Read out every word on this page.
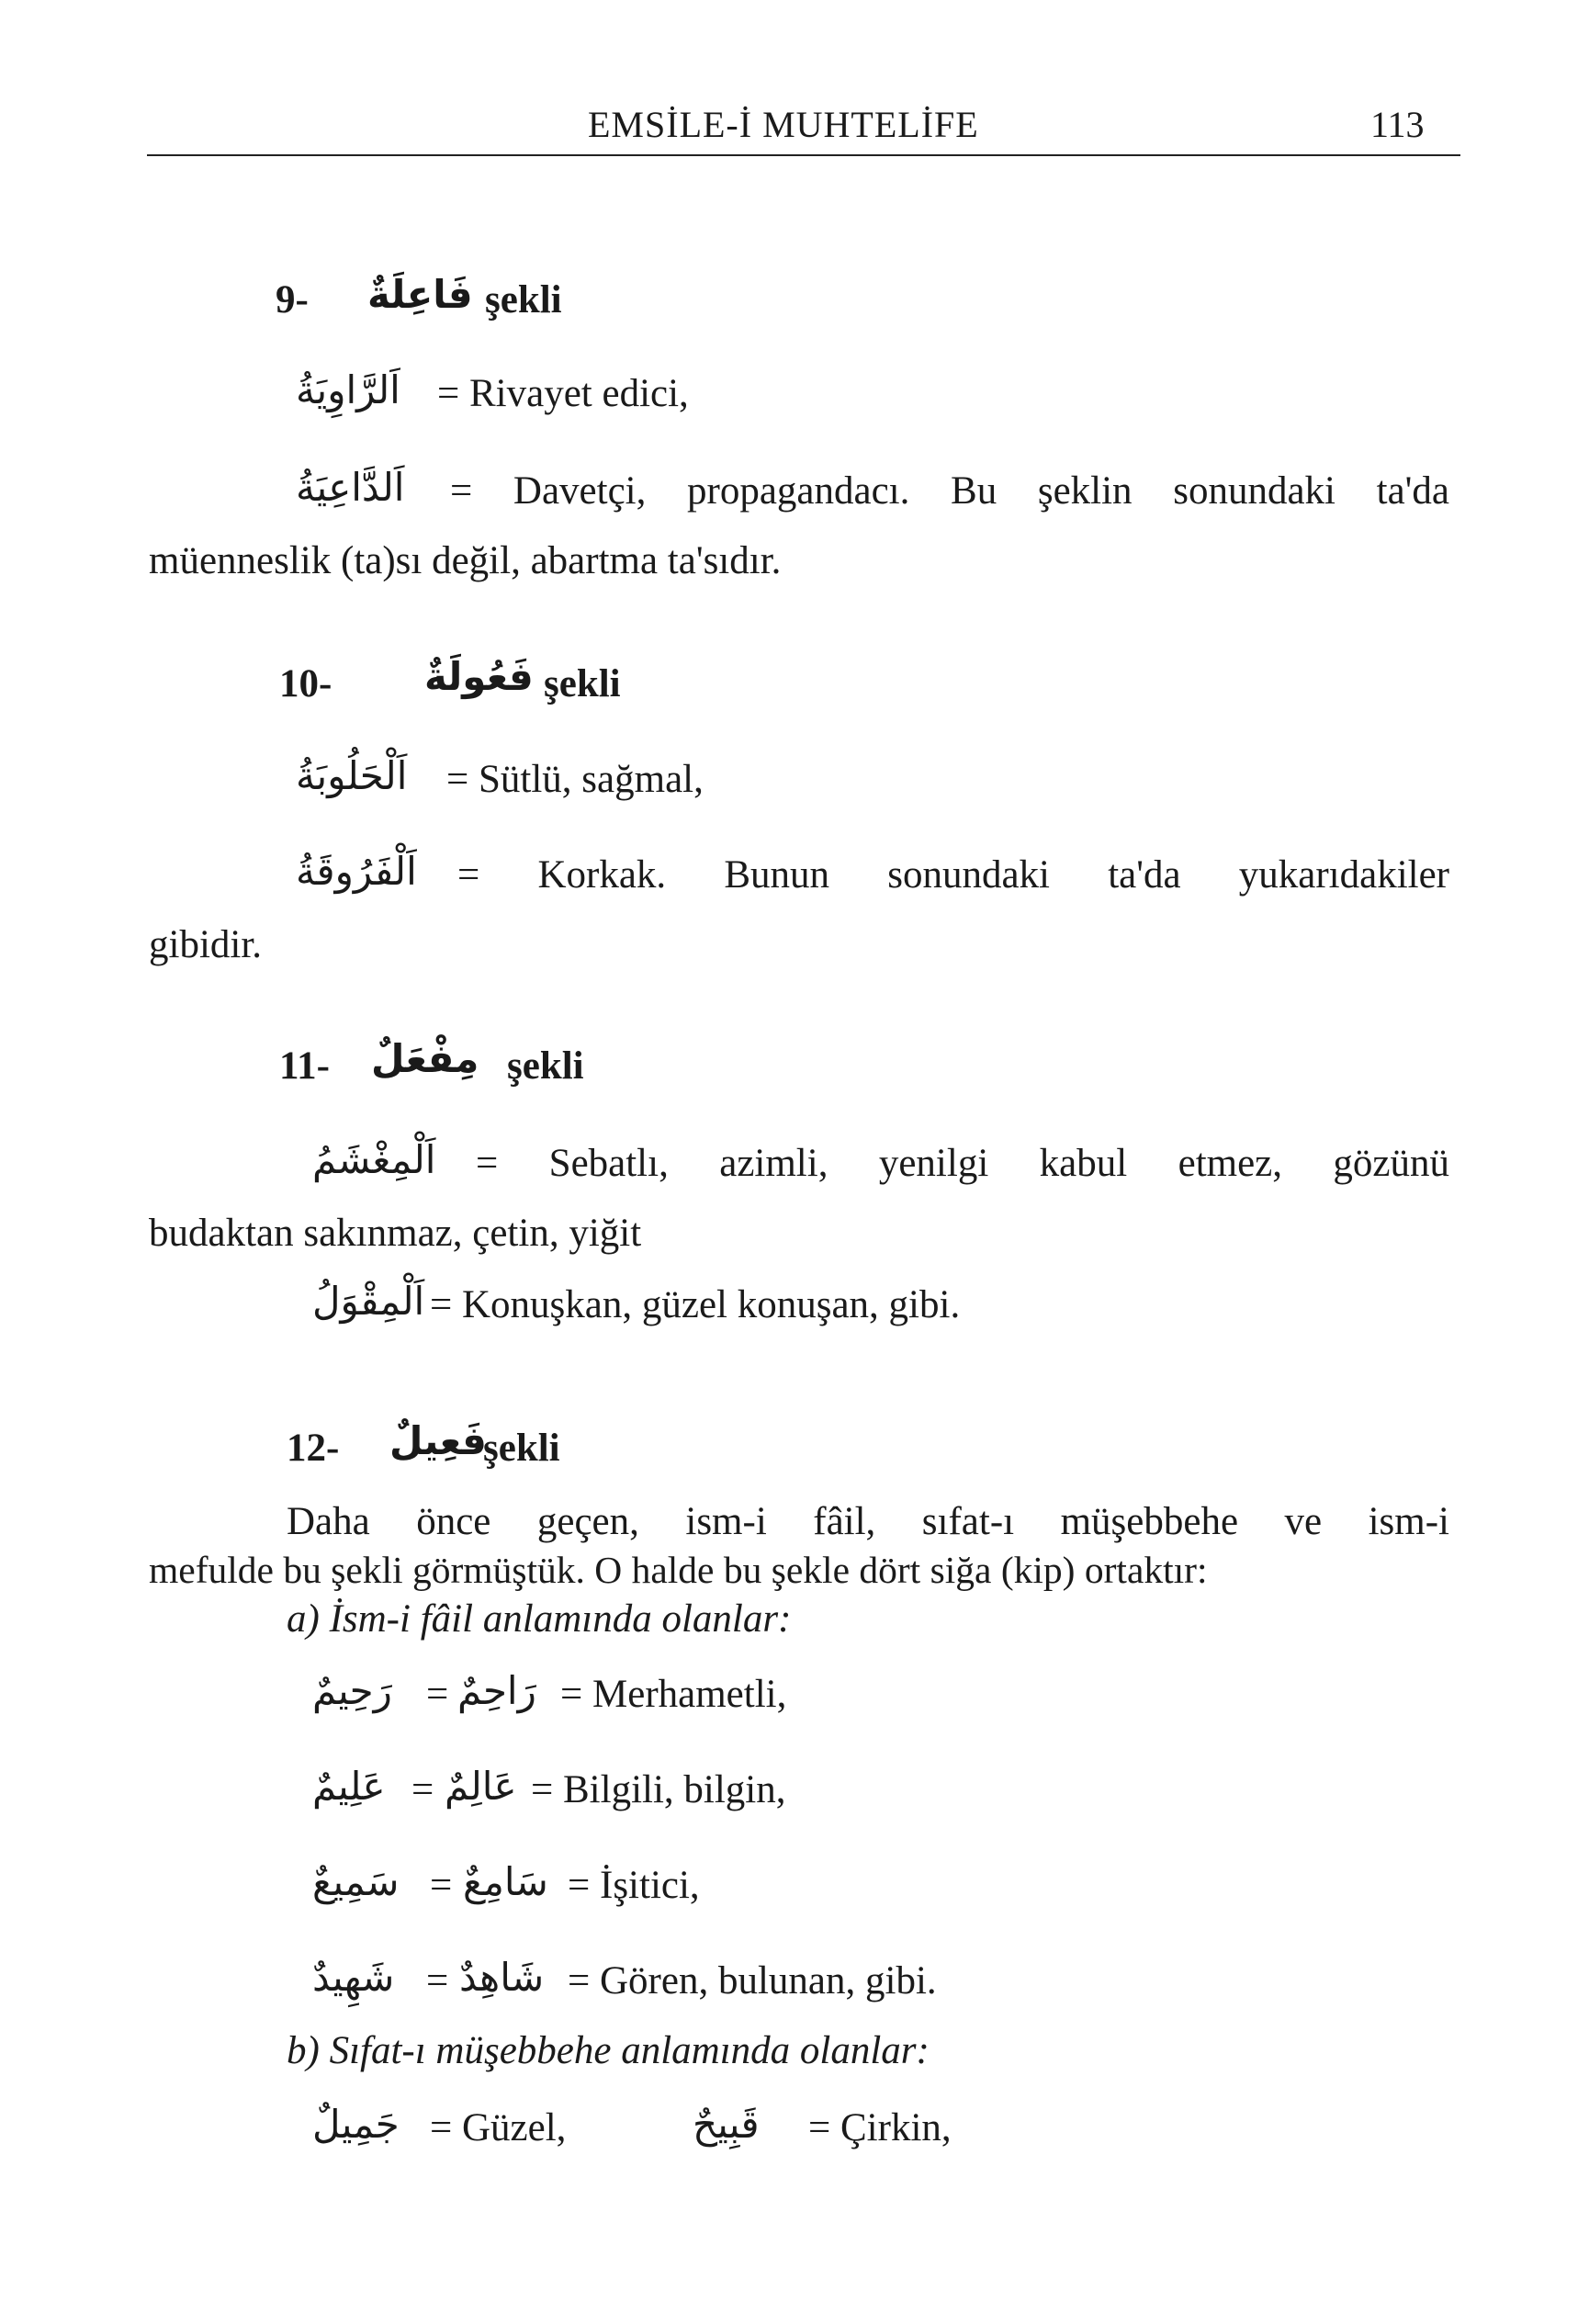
EMSİLE-İ MUHTELİFE	113
9- فَاعِلَةٌ şekli
اَلرَّاوِيَةُ = Rivayet edici,
اَلدَّاعِيَةُ = Davetçi, propagandacı. Bu şeklin sonundaki ta'da
müenneslik (ta)sı değil, abartma ta'sıdır.
10- فَعُولَةٌ şekli
اَلْحَلُوبَةُ = Sütlü, sağmal,
اَلْفَرُوقَةُ = Korkak. Bunun sonundaki ta'da yukarıdakiler
gibidir.
11- مِفْعَلٌ şekli
اَلْمِغْشَمُ = Sebatlı, azimli, yenilgi kabul etmez, gözünü
budaktan sakınmaz, çetin, yiğit
اَلْمِقْوَلُ = Konuşkan, güzel konuşan, gibi.
12- فَعِيلٌ
şekli
Daha önce geçen, ism-i fâil, sıfat-ı müşebbehe ve ism-i
mefulde bu şekli görmüştük. O halde bu şekle dört siğa (kip) ortaktır:
a) İsm-i fâil anlamında olanlar:
رَحِيمٌ = رَاحِمٌ = Merhametli,
عَلِيمٌ = عَالِمٌ = Bilgili, bilgin,
سَمِيعٌ = سَامِعٌ = İşitici,
شَهِيدٌ = شَاهِدٌ = Gören, bulunan, gibi.
b) Sıfat-ı müşebbehe anlamında olanlar:
جَمِيلٌ = Güzel,	قَبِيحٌ = Çirkin,
